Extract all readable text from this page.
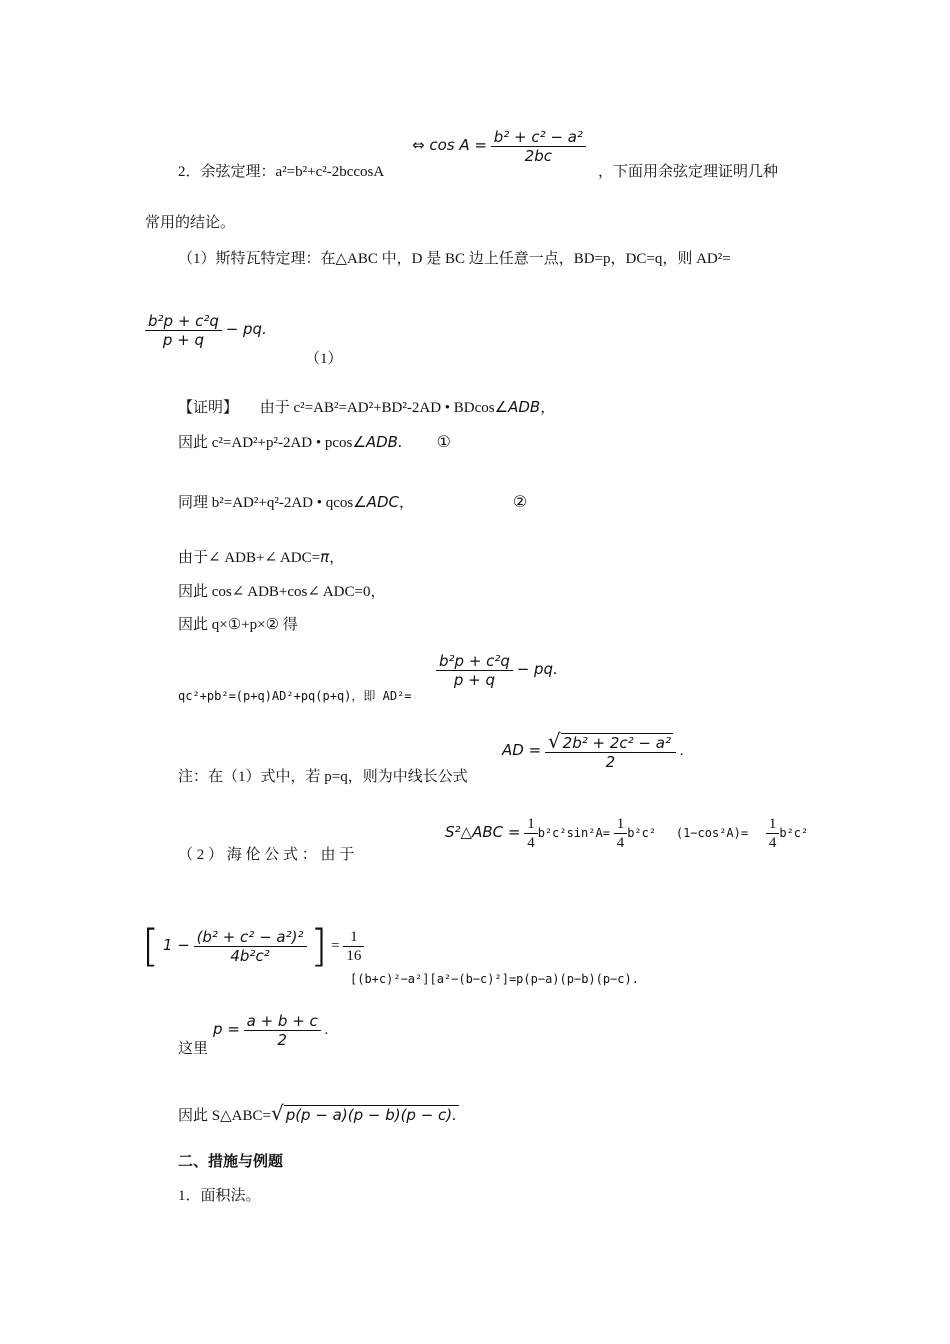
2．余弦定理：a²=b²+c²-2bccosA
⇔ $\cos A = \frac{\text{b² + c² − a²}}{2bc}$
，下面用余弦定理证明几种
常用的结论。
（1）斯特瓦特定理：在△ABC 中，D 是 BC 边上任意一点，BD=p，DC=q，则 AD²=
$\frac{\text{b²p + c²q}}{p + q}$ − pq.
（1）
【证明】 由于 c²=AB²=AD²+BD²-2AD • BDcos∠ADB，
因此 c²=AD²+p²-2AD • pcos∠ADB. ①
同理 b²=AD²+q²-2AD • qcos∠ADC，	②
由于∠ ADB+∠ ADC=π，
因此 cos∠ ADB+cos∠ ADC=0，
因此 q×①+p×② 得
qc²+pb²=(p+q)AD²+pq(p+q)，即 AD²=
$\frac{\text{b²p + c²q}}{p + q}$ − pq.
注：在（1）式中，若 p=q，则为中线长公式
AD = $\frac{\text{√ 2b² + 2c² − a²}}{2}$ .
（ 2 ） 海 伦 公 式 ： 由 于
S²△ABC = $\frac{1}{4} b^2c^2\sin^2A= \frac{1}{4} b^2c^2$ $(1-\cos^2A)= \frac{1}{4} b^2c^2$
[ $1 - \frac{\text{(b² + c² − a²)²}}{\text{4b²c²}}$ ] = $\frac{1}{16}$
[(b+c)²−a²][a²−(b−c)²]=p(p−a)(p−b)(p−c).
这里
$p = \frac{a + b + c}{2}$ .
因此 S△ABC=√ p(p − a)(p − b)(p − c).
二、措施与例题
1．面积法。
